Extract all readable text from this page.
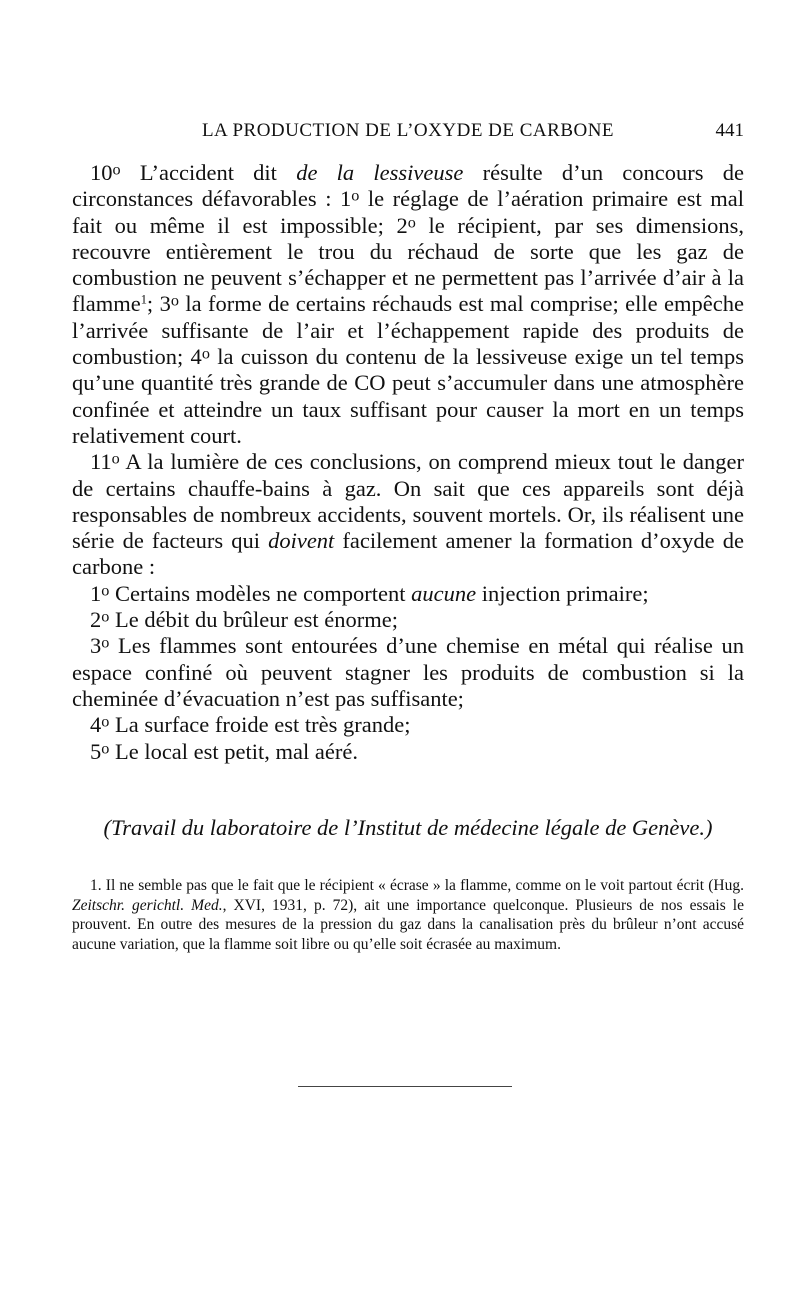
LA PRODUCTION DE L’OXYDE DE CARBONE	441

10$^o$ L’accident dit de la lessiveuse résulte d’un concours de circonstances défavorables : 1$^o$ le réglage de l’aération primaire est mal fait ou même il est impossible; 2$^o$ le récipient, par ses dimensions, recouvre entièrement le trou du réchaud de sorte que les gaz de combustion ne peuvent s’échapper et ne permettent pas l’arrivée d’air à la flamme$^1$; 3$^o$ la forme de certains réchauds est mal comprise; elle empêche l’arrivée suffisante de l’air et l’échappement rapide des produits de combustion; 4$^o$ la cuisson du contenu de la lessiveuse exige un tel temps qu’une quantité très grande de CO peut s’accumuler dans une atmosphère confinée et atteindre un taux suffisant pour causer la mort en un temps relativement court.

11$^o$ A la lumière de ces conclusions, on comprend mieux tout le danger de certains chauffe-bains à gaz. On sait que ces appareils sont déjà responsables de nombreux accidents, souvent mortels. Or, ils réalisent une série de facteurs qui doivent facilement amener la formation d’oxyde de carbone :

1$^o$ Certains modèles ne comportent aucune injection primaire;

2$^o$ Le débit du brûleur est énorme;

3$^o$ Les flammes sont entourées d’une chemise en métal qui réalise un espace confiné où peuvent stagner les produits de combustion si la cheminée d’évacuation n’est pas suffisante;

4$^o$ La surface froide est très grande;

5$^o$ Le local est petit, mal aéré.

(Travail du laboratoire de l’Institut de médecine légale de Genève.)
1. Il ne semble pas que le fait que le récipient « écrase » la flamme, comme on le voit partout écrit (Hug. Zeitschr. gerichtl. Med., XVI, 1931, p. 72), ait une importance quelconque. Plusieurs de nos essais le prouvent. En outre des mesures de la pression du gaz dans la canalisation près du brûleur n’ont accusé aucune variation, que la flamme soit libre ou qu’elle soit écrasée au maximum.
